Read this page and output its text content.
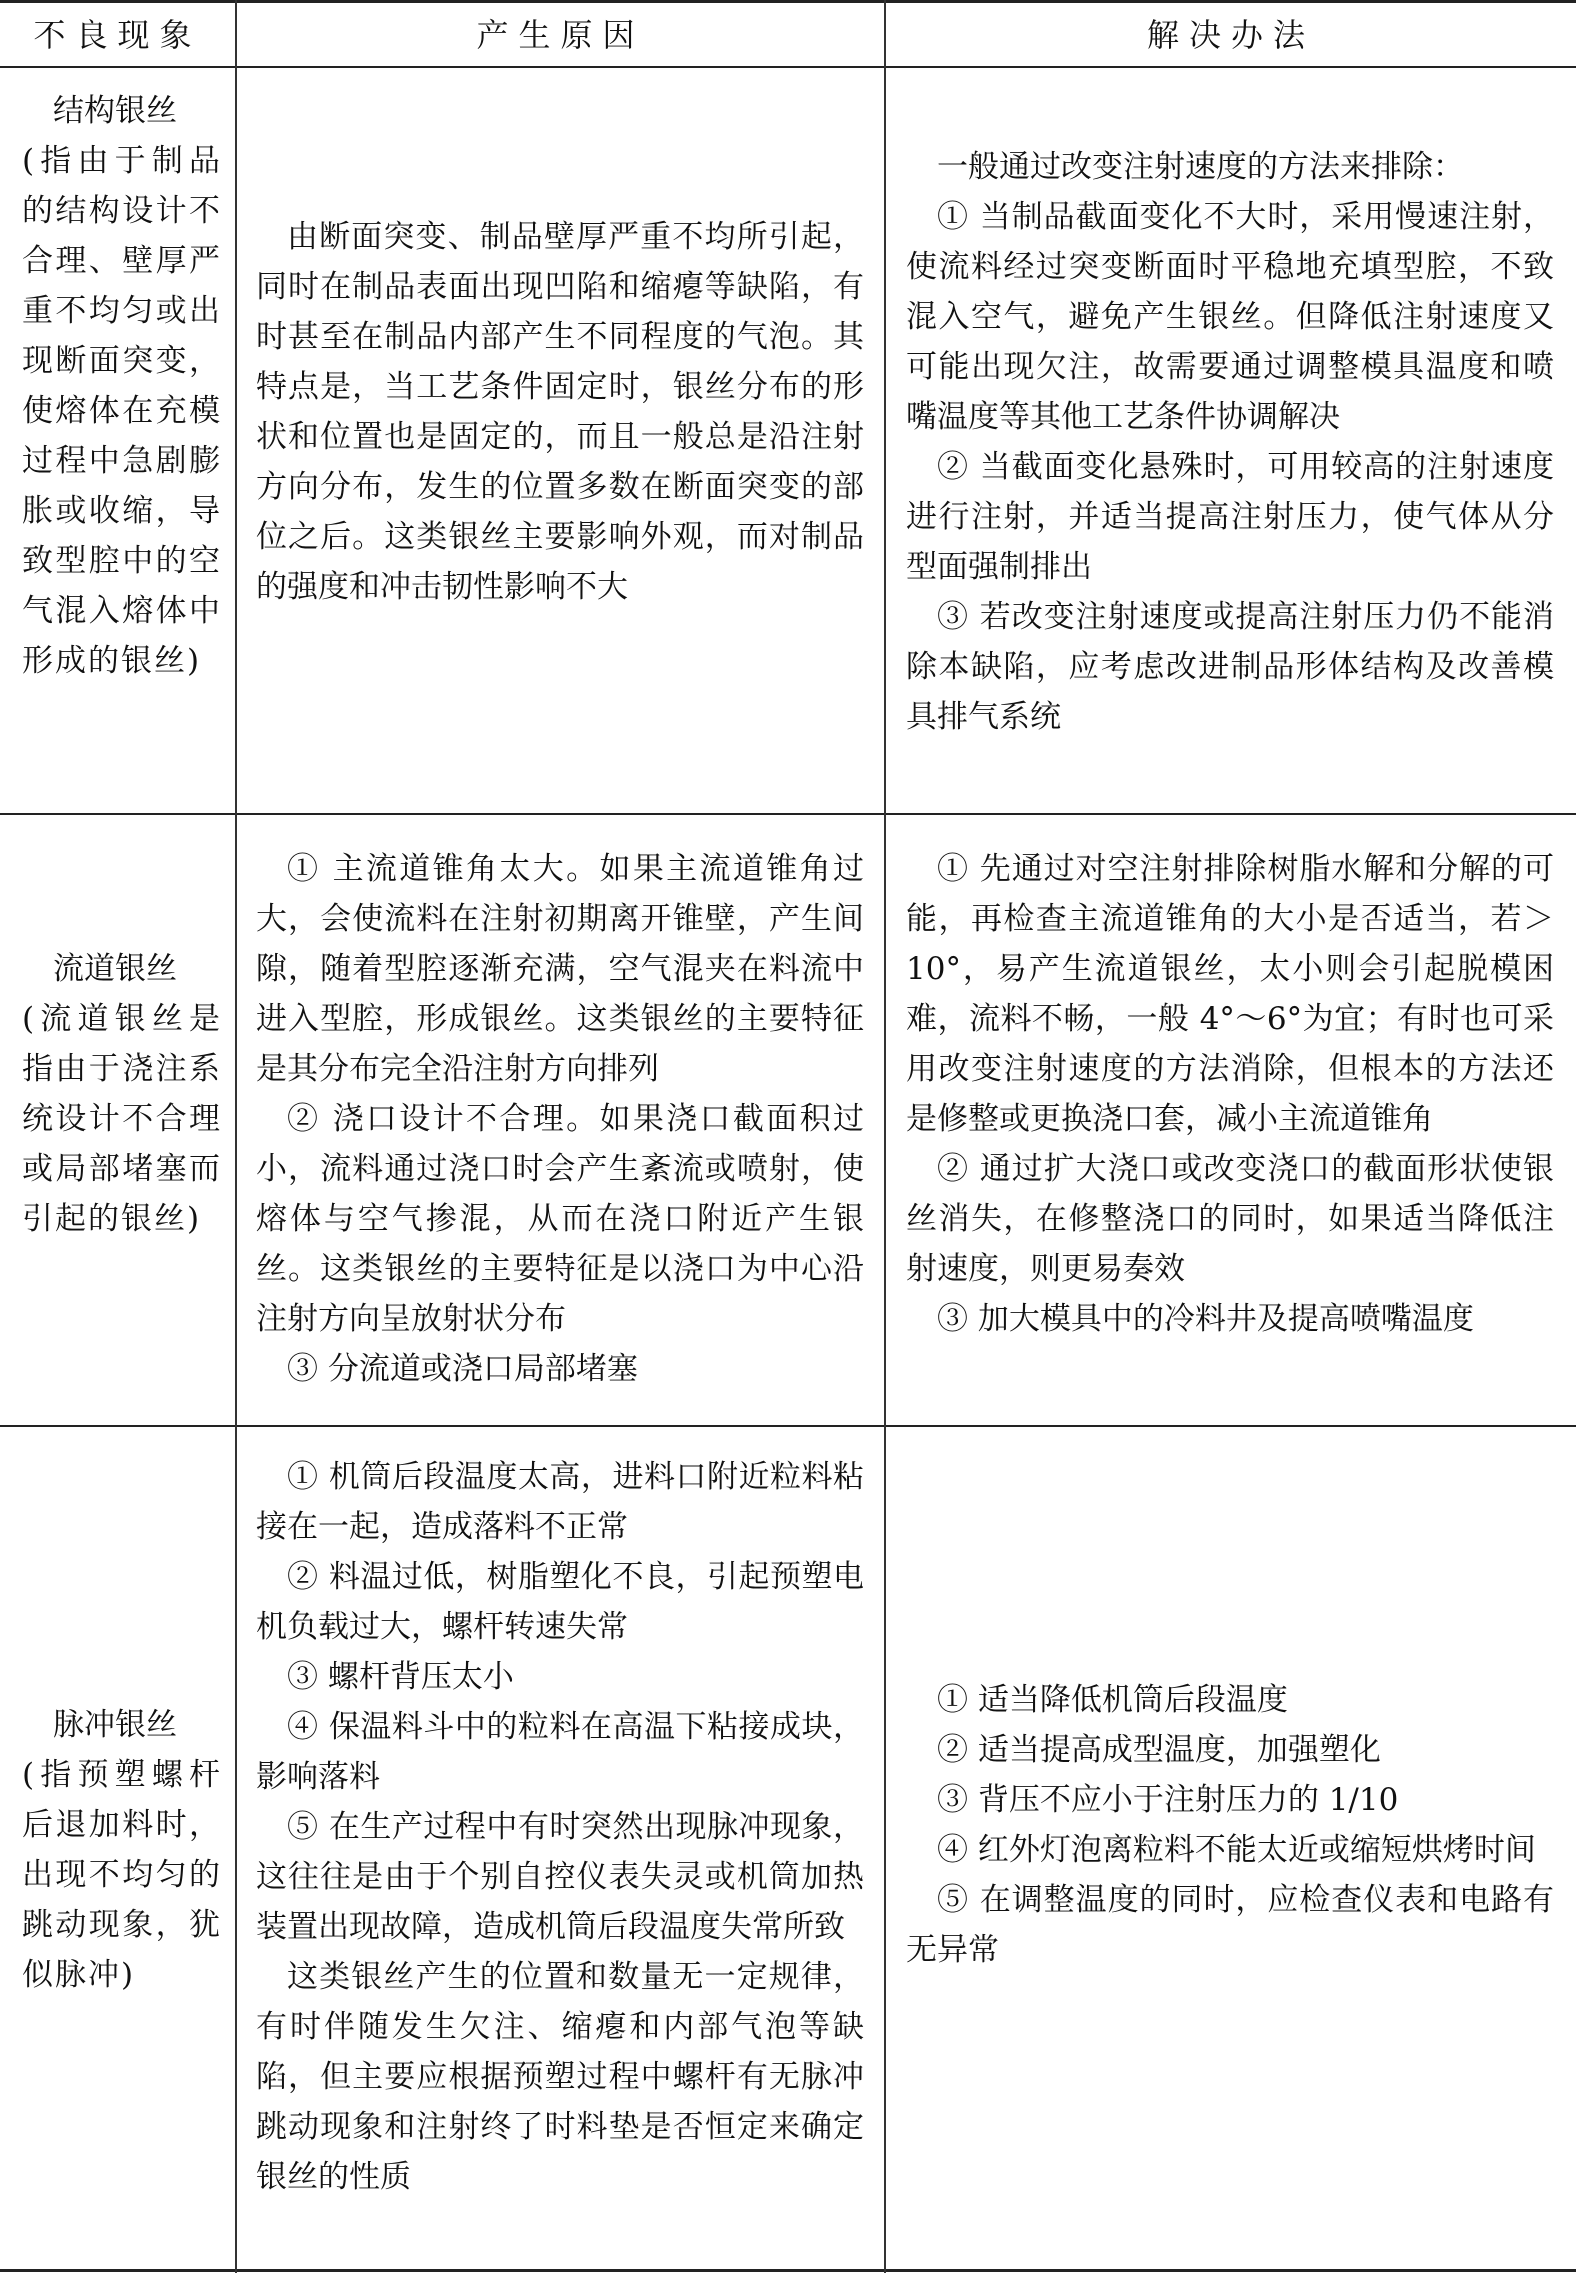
不良现象	产生原因	解决办法

结构银丝

(指由于制品的结构设计不合理、壁厚严重不均匀或出现断面突变，使熔体在充模过程中急剧膨胀或收缩，导致型腔中的空气混入熔体中形成的银丝)

由断面突变、制品壁厚严重不均所引起，同时在制品表面出现凹陷和缩瘪等缺陷，有时甚至在制品内部产生不同程度的气泡。其特点是，当工艺条件固定时，银丝分布的形状和位置也是固定的，而且一般总是沿注射方向分布，发生的位置多数在断面突变的部位之后。这类银丝主要影响外观，而对制品的强度和冲击韧性影响不大

一般通过改变注射速度的方法来排除：

① 当制品截面变化不大时，采用慢速注射，使流料经过突变断面时平稳地充填型腔，不致混入空气，避免产生银丝。但降低注射速度又可能出现欠注，故需要通过调整模具温度和喷嘴温度等其他工艺条件协调解决

② 当截面变化悬殊时，可用较高的注射速度进行注射，并适当提高注射压力，使气体从分型面强制排出

③ 若改变注射速度或提高注射压力仍不能消除本缺陷，应考虑改进制品形体结构及改善模具排气系统

流道银丝

(流道银丝是指由于浇注系统设计不合理或局部堵塞而引起的银丝)

① 主流道锥角太大。如果主流道锥角过大，会使流料在注射初期离开锥壁，产生间隙，随着型腔逐渐充满，空气混夹在料流中进入型腔，形成银丝。这类银丝的主要特征是其分布完全沿注射方向排列

② 浇口设计不合理。如果浇口截面积过小，流料通过浇口时会产生紊流或喷射，使熔体与空气掺混，从而在浇口附近产生银丝。这类银丝的主要特征是以浇口为中心沿注射方向呈放射状分布

③ 分流道或浇口局部堵塞

① 先通过对空注射排除树脂水解和分解的可能，再检查主流道锥角的大小是否适当，若＞10°，易产生流道银丝，太小则会引起脱模困难，流料不畅，一般 4°～6°为宜；有时也可采用改变注射速度的方法消除，但根本的方法还是修整或更换浇口套，减小主流道锥角

② 通过扩大浇口或改变浇口的截面形状使银丝消失，在修整浇口的同时，如果适当降低注射速度，则更易奏效

③ 加大模具中的冷料井及提高喷嘴温度

脉冲银丝

(指预塑螺杆后退加料时，出现不均匀的跳动现象，犹似脉冲)

① 机筒后段温度太高，进料口附近粒料粘接在一起，造成落料不正常

② 料温过低，树脂塑化不良，引起预塑电机负载过大，螺杆转速失常

③ 螺杆背压太小

④ 保温料斗中的粒料在高温下粘接成块，影响落料

⑤ 在生产过程中有时突然出现脉冲现象，这往往是由于个别自控仪表失灵或机筒加热装置出现故障，造成机筒后段温度失常所致

这类银丝产生的位置和数量无一定规律，有时伴随发生欠注、缩瘪和内部气泡等缺陷，但主要应根据预塑过程中螺杆有无脉冲跳动现象和注射终了时料垫是否恒定来确定银丝的性质

① 适当降低机筒后段温度

② 适当提高成型温度，加强塑化

③ 背压不应小于注射压力的 1/10

④ 红外灯泡离粒料不能太近或缩短烘烤时间

⑤ 在调整温度的同时，应检查仪表和电路有无异常
